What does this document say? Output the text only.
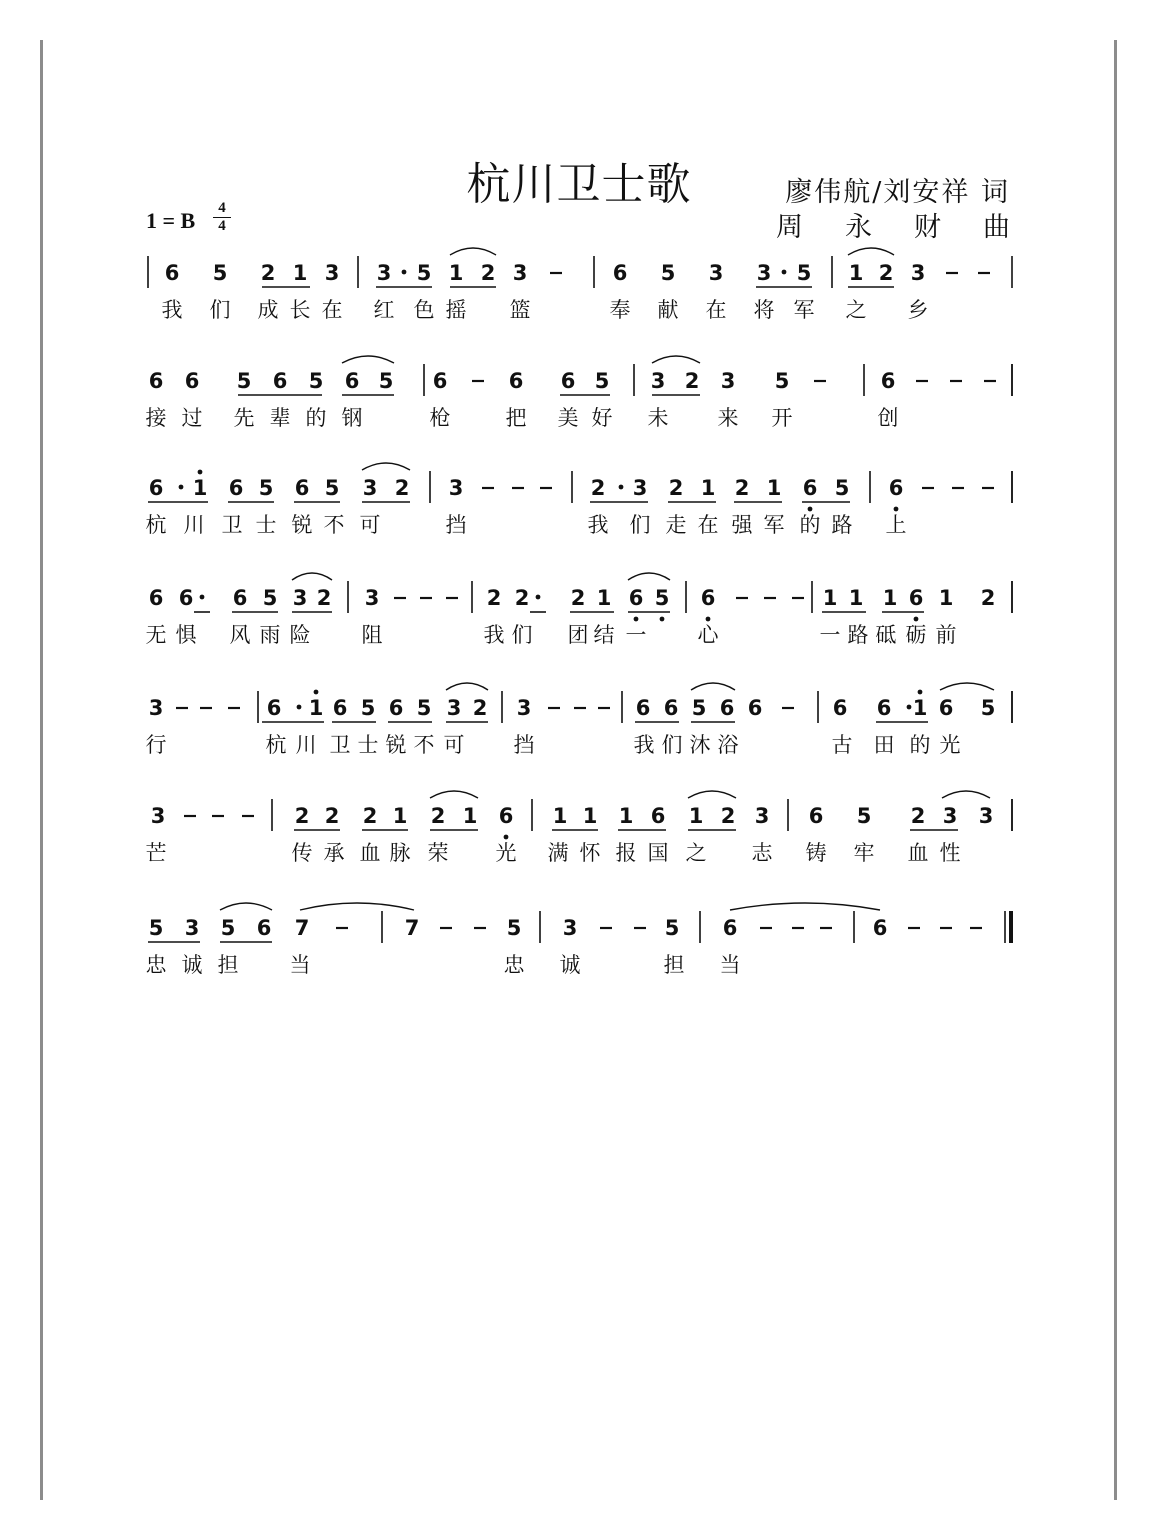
杭川卫士歌	廖伟航/刘安祥 词
周永财曲
1 = B $\frac{4}{4}$
6 5 2 1 3 3 5 1 2 3	6 5 3 3 5 1 2 3
我 们 成 长 在 红 色 摇 篮	奉 献 在 将 军 之 乡
6 6 5 6 5 6 5 6	6 6 5 3 2 3 5	6
接 过 先 辈 的 钢	枪	把 美 好 未 来 开	创
6 1 6 5 6 5 3 2 3	2 3 2 1 2 1 6 5 6
杭 川 卫 士 锐 不 可	挡	我 们 走 在 强 军 的 路 上
6 6 6 5 3 2 3	2 2 2 1 6 5 6	1 1 1 6 1 2
无 惧 风 雨 险 阻	我 们 团 结 一 心	一 路 砥 砺 前
3	6 1 6 5 6 5 3 2 3	6 6 5 6 6	6 6 1 6 5
行	杭 川 卫 士 锐 不 可 挡	我 们 沐 浴	古 田 的 光
3	2 2 2 1 2 1 6 1 1 1 6 1 2 3 6 5 2 3 3
芒	传 承 血 脉 荣 光 满 怀 报 国 之 志 铸 牢 血 性
5 3 5 6 7	7	5 3	5 6	6
忠 诚 担 当	忠 诚	担 当
